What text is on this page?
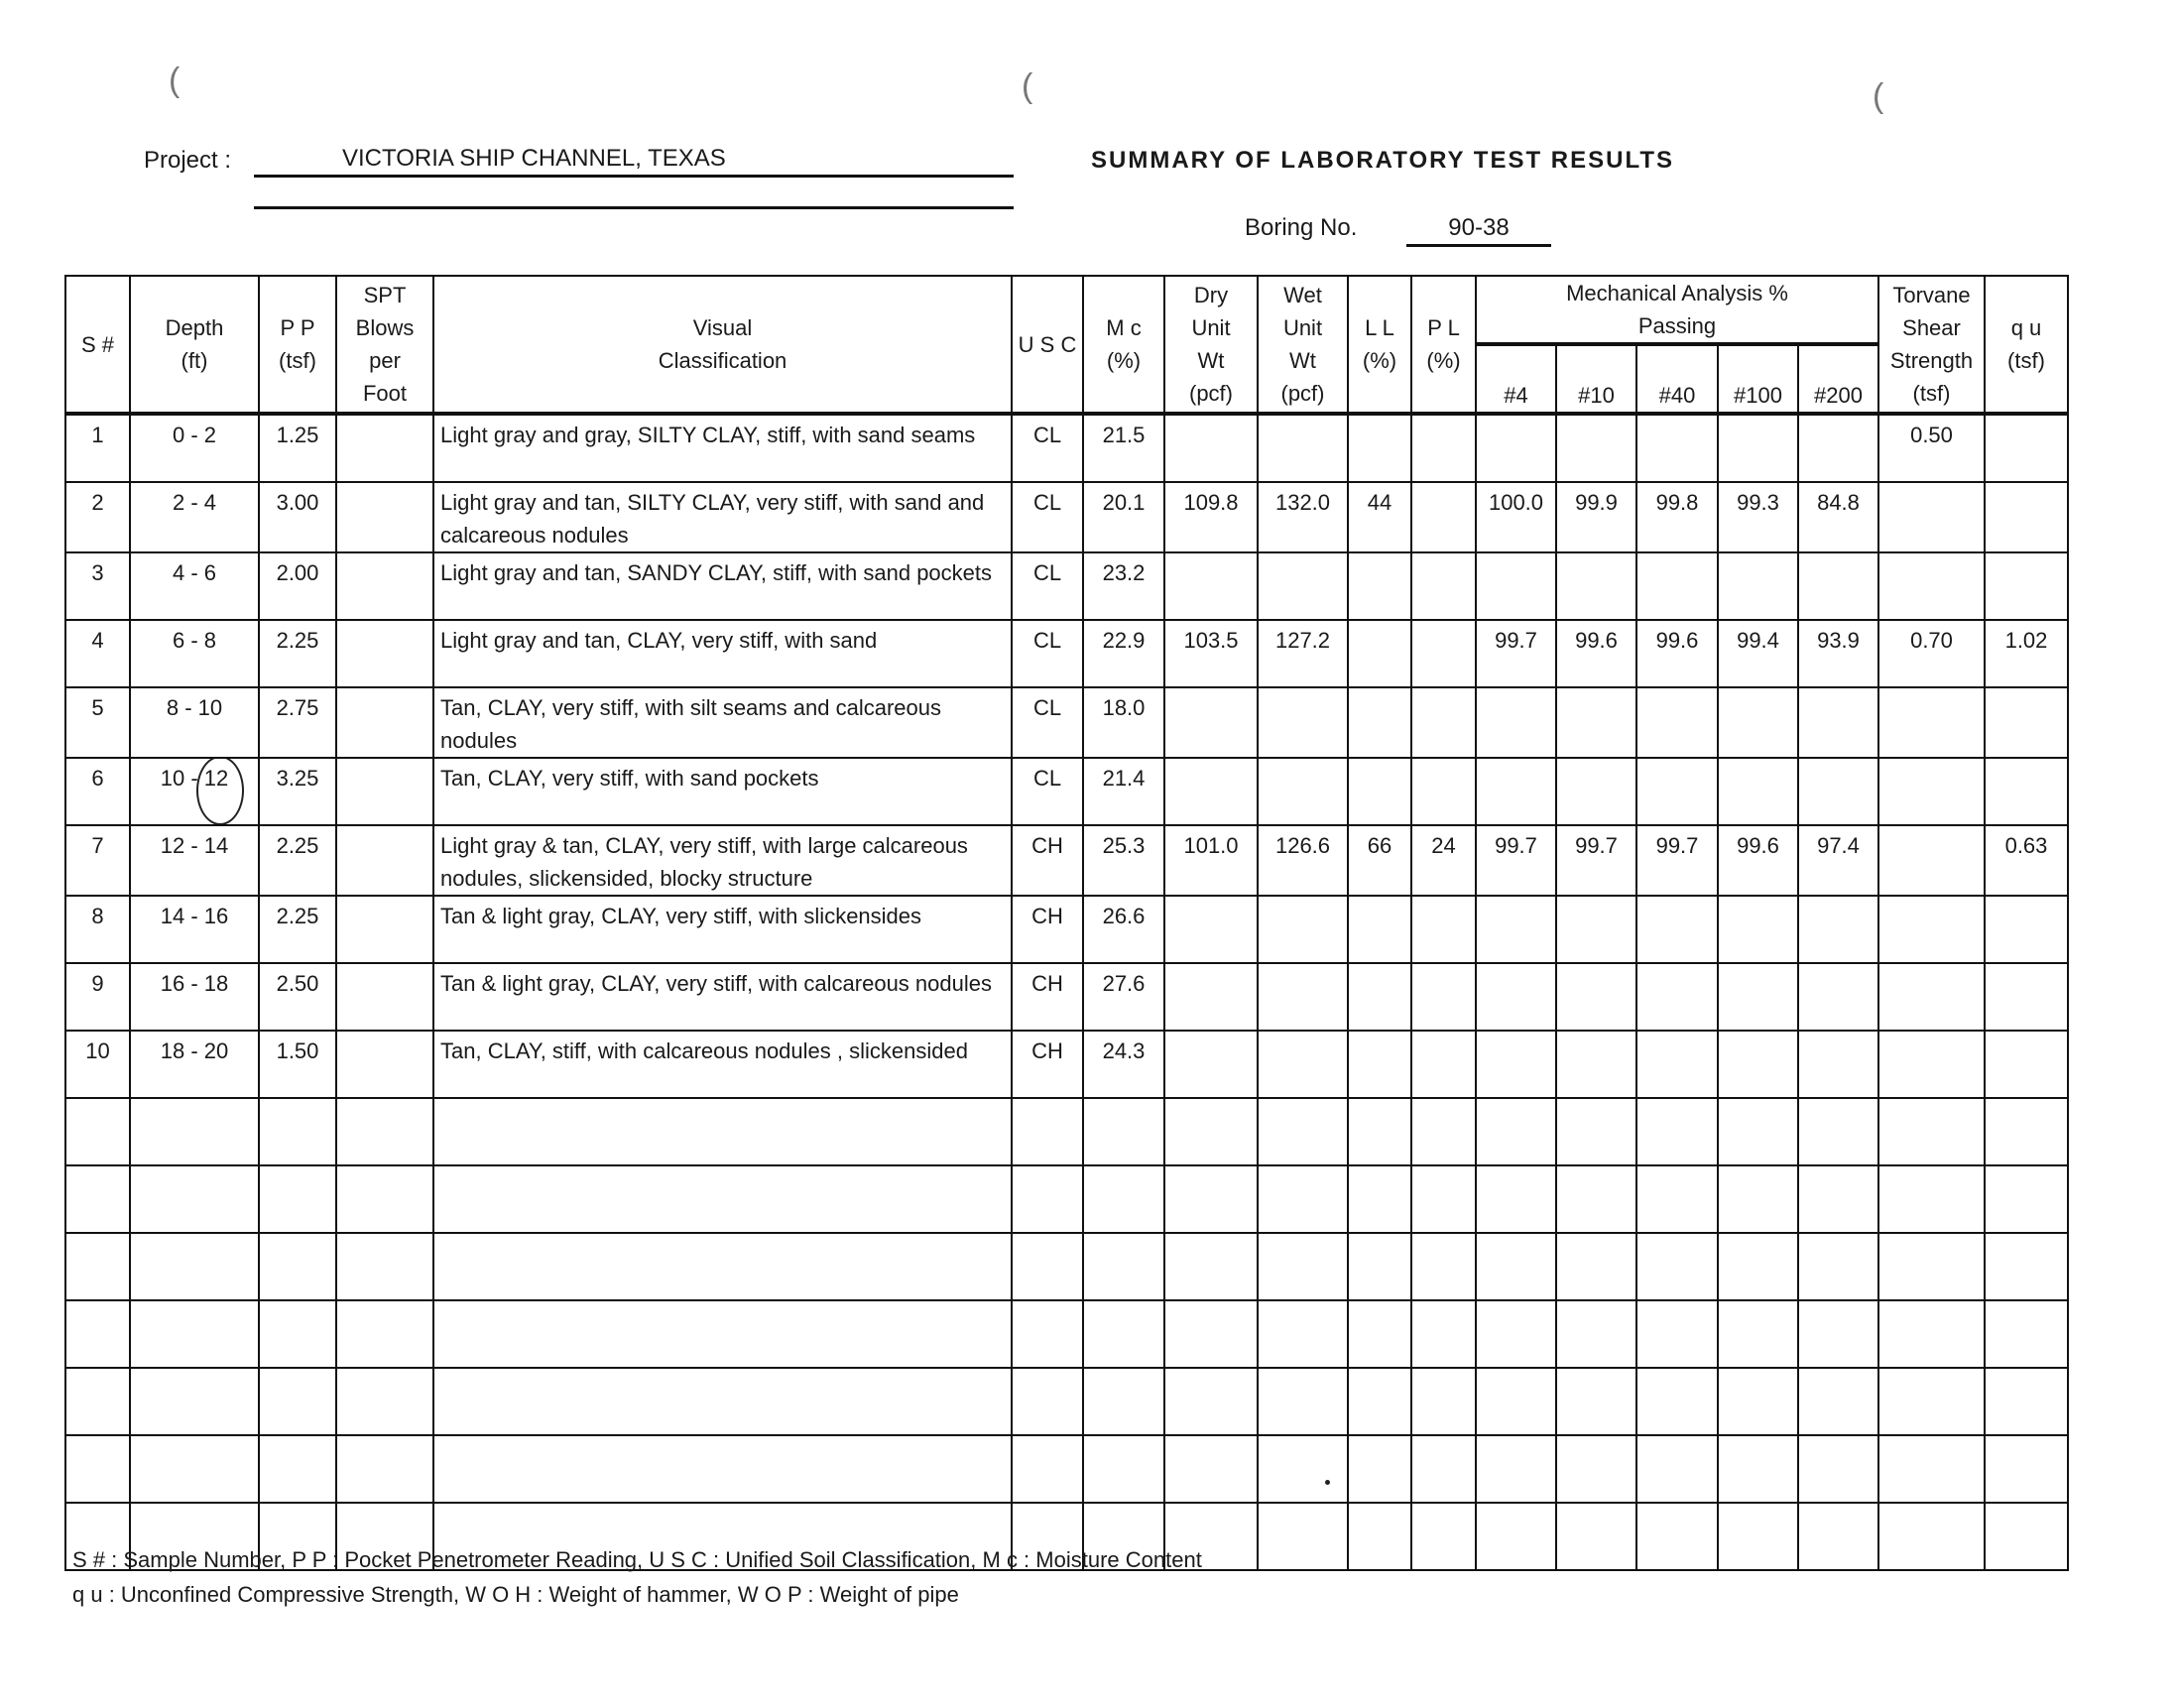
(	(	(
Project :	VICTORIA SHIP CHANNEL, TEXAS	SUMMARY OF LABORATORY TEST RESULTS
Boring No.	90-38
S #	Depth (ft)	P P (tsf)	SPT Blows per Foot	Visual Classification	U S C	M c (%)	Dry Unit Wt (pcf)	Wet Unit Wt (pcf)	L L (%)	P L (%)	Mechanical Analysis % Passing					Torvane Shear Strength (tsf)	q u (tsf)

											#4	#10	#40	#100	#200		
1	0 - 2	1.25		Light gray and gray, SILTY CLAY, stiff, with sand seams	CL	21.5										0.50	
2	2 - 4	3.00		Light gray and tan, SILTY CLAY, very stiff, with sand and calcareous nodules	CL	20.1	109.8	132.0	44		100.0	99.9	99.8	99.3	84.8		
3	4 - 6	2.00		Light gray and tan, SANDY CLAY, stiff, with sand pockets	CL	23.2											
4	6 - 8	2.25		Light gray and tan, CLAY, very stiff, with sand	CL	22.9	103.5	127.2			99.7	99.6	99.6	99.4	93.9	0.70	1.02
5	8 - 10	2.75		Tan, CLAY, very stiff, with silt seams and calcareous nodules	CL	18.0											
6	10 - 12	3.25		Tan, CLAY, very stiff, with sand pockets	CL	21.4											
7	12 - 14	2.25		Light gray & tan, CLAY, very stiff, with large calcareous nodules, slickensided, blocky structure	CH	25.3	101.0	126.6	66	24	99.7	99.7	99.7	99.6	97.4		0.63
8	14 - 16	2.25		Tan & light gray, CLAY, very stiff, with slickensides	CH	26.6											
9	16 - 18	2.50		Tan & light gray, CLAY, very stiff, with calcareous nodules	CH	27.6											
10	18 - 20	1.50		Tan, CLAY, stiff, with calcareous nodules , slickensided	CH	24.3											

S # : Sample Number, P P : Pocket Penetrometer Reading, U S C : Unified Soil Classification, M c : Moisture Content
q u : Unconfined Compressive Strength, W O H : Weight of hammer, W O P : Weight of pipe
